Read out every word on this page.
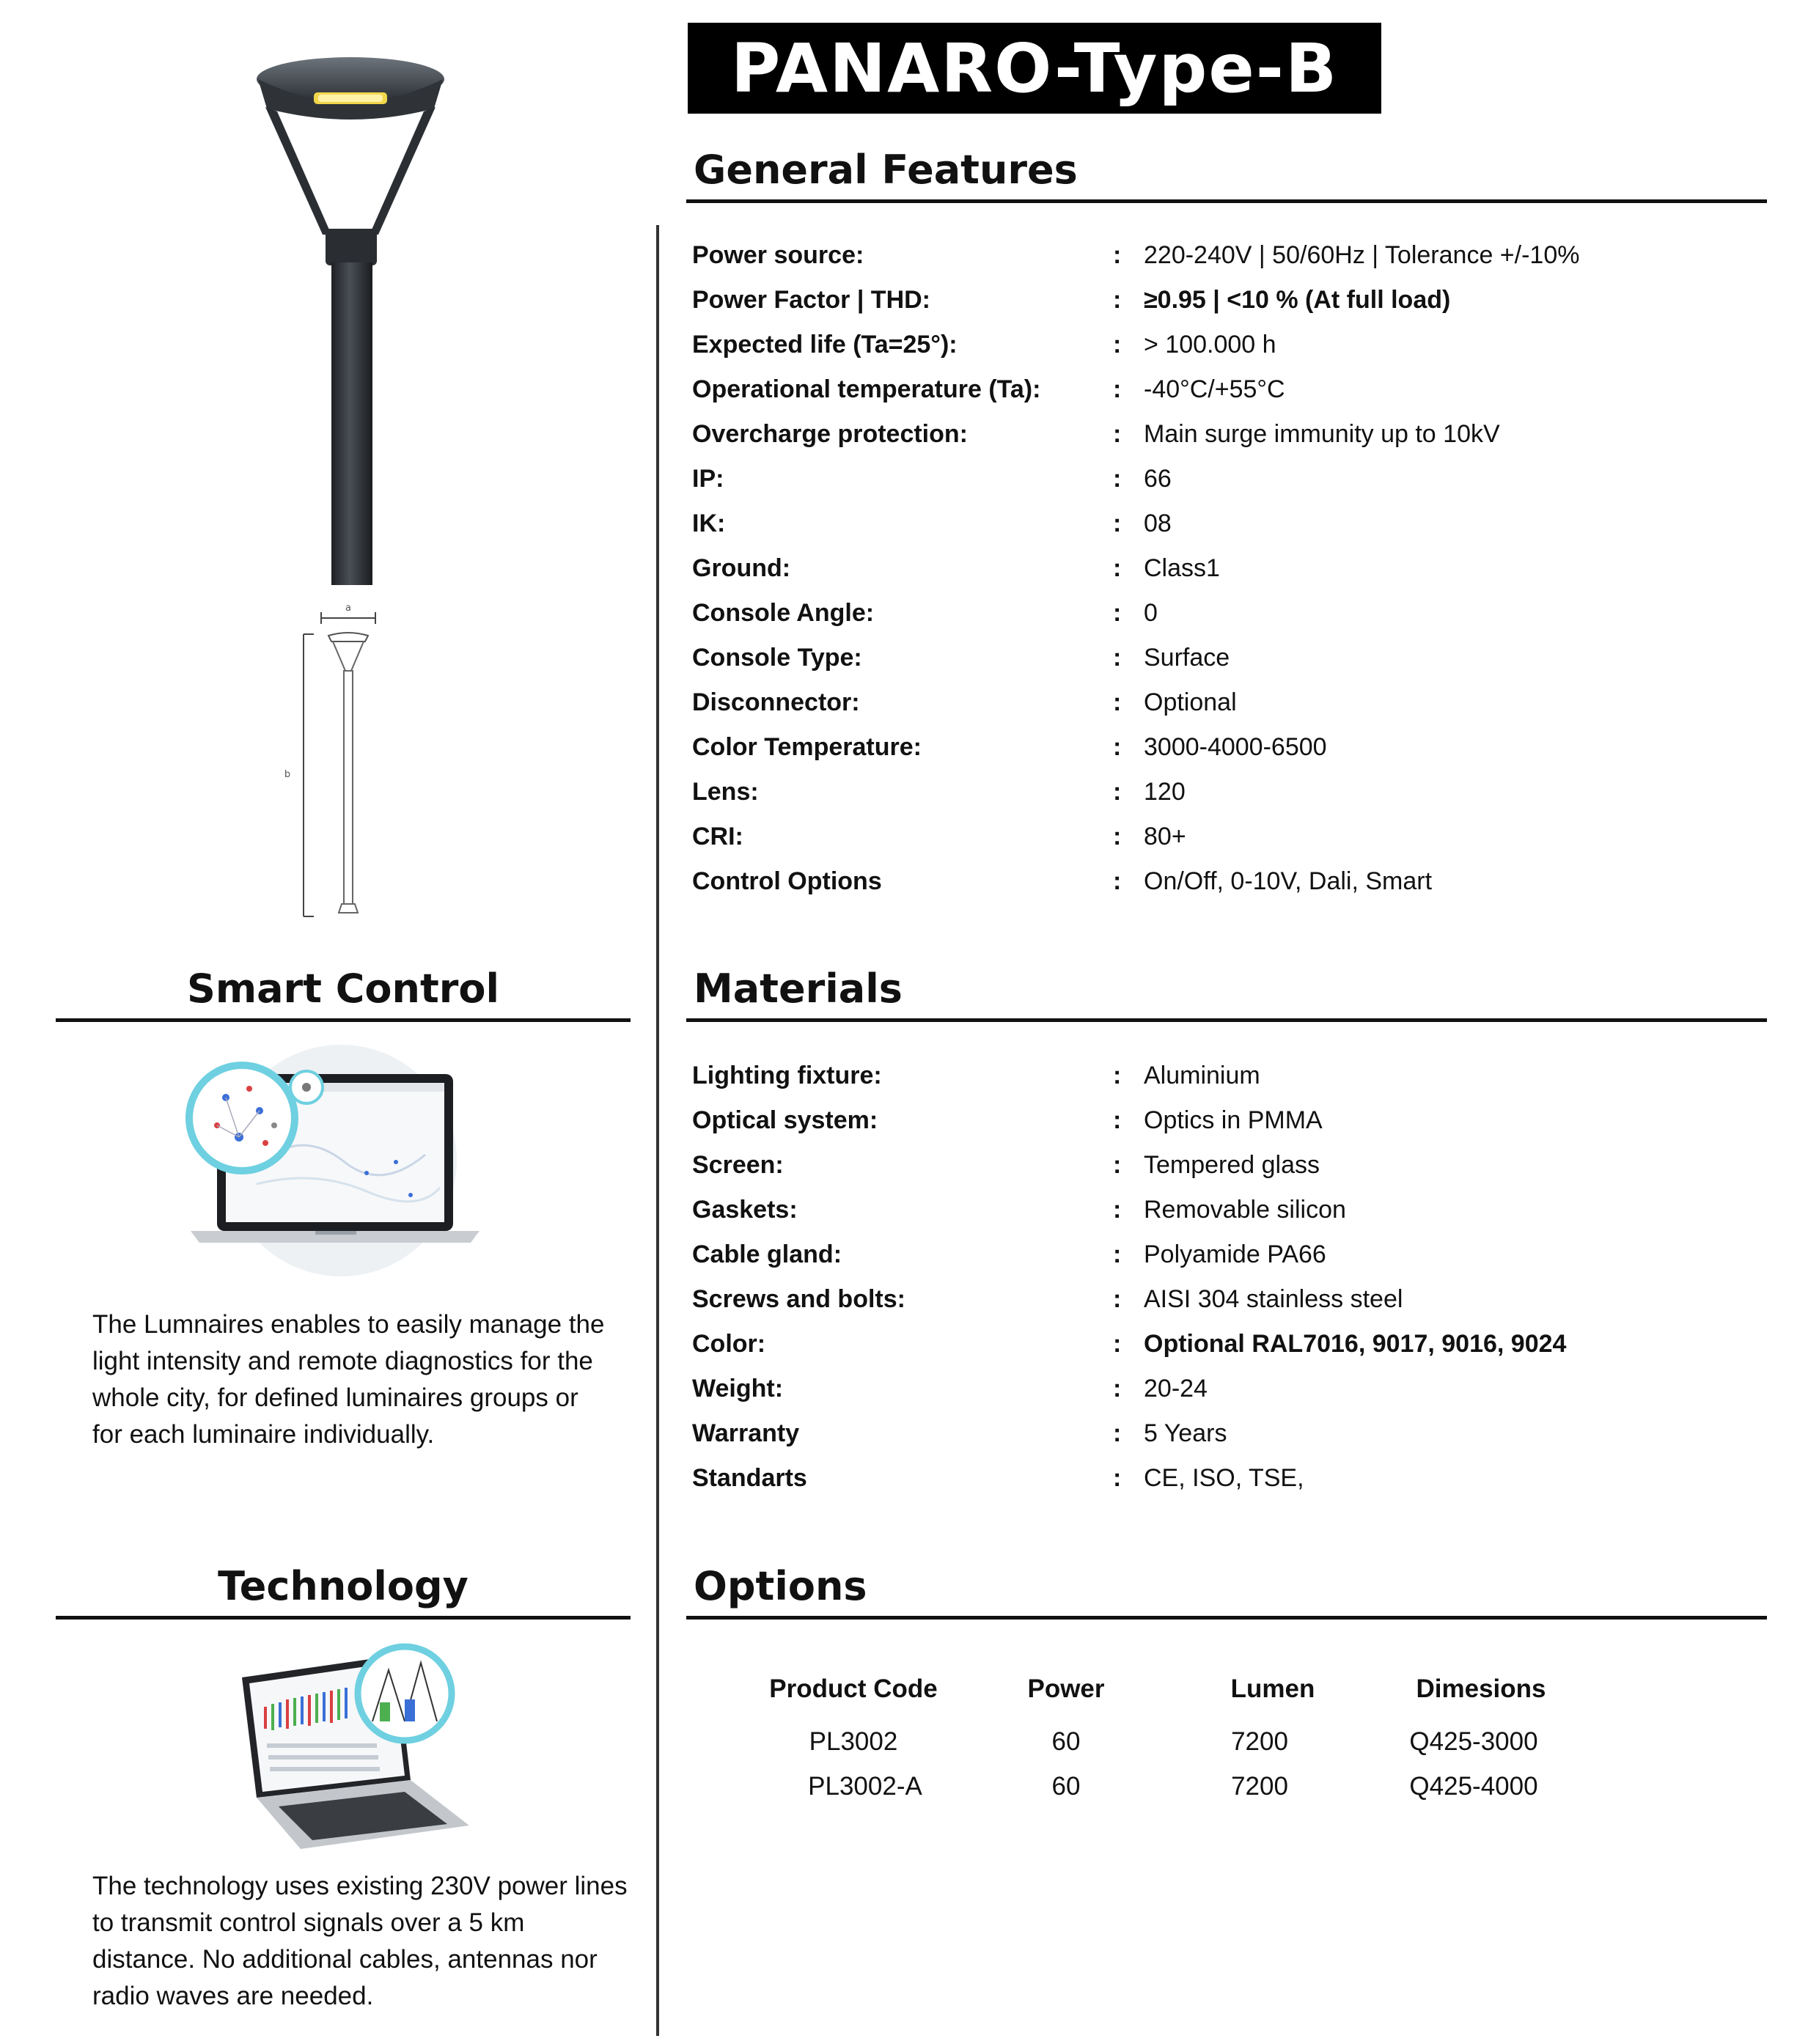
PANARO-Type-B
a
b
General Features
Power source:	: 220-240V | 50/60Hz | Tolerance +/-10%
Power Factor | THD:	: ≥0.95 | <10 % (At full load)
Expected life (Ta=25°):	: > 100.000 h
Operational temperature (Ta):	: -40°C/+55°C
Overcharge protection:	: Main surge immunity up to 10kV
IP:	: 66
IK:	: 08
Ground:	: Class1
Console Angle:	: 0
Console Type:	: Surface
Disconnector:	: Optional
Color Temperature:	: 3000-4000-6500
Lens:	: 120
CRI:	: 80+
Control Options	: On/Off, 0-10V, Dali, Smart
Materials
Lighting fixture:	: Aluminium
Optical system:	: Optics in PMMA
Screen:	: Tempered glass
Gaskets:	: Removable silicon
Cable gland:	: Polyamide PA66
Screws and bolts:	: AISI 304 stainless steel
Color:	: Optional RAL7016, 9017, 9016, 9024
Weight:	: 20-24
Warranty	: 5 Years
Standarts	: CE, ISO, TSE,
Options
Product Code	Power	Lumen	Dimesions
PL3002	60	7200	Q425-3000
PL3002-A	60	7200	Q425-4000
Smart Control
The Lumnaires enables to easily manage the
light intensity and remote diagnostics for the
whole city, for defined luminaires groups or
for each luminaire individually.
Technology
The technology uses existing 230V power lines
to transmit control signals over a 5 km
distance. No additional cables, antennas nor
radio waves are needed.
